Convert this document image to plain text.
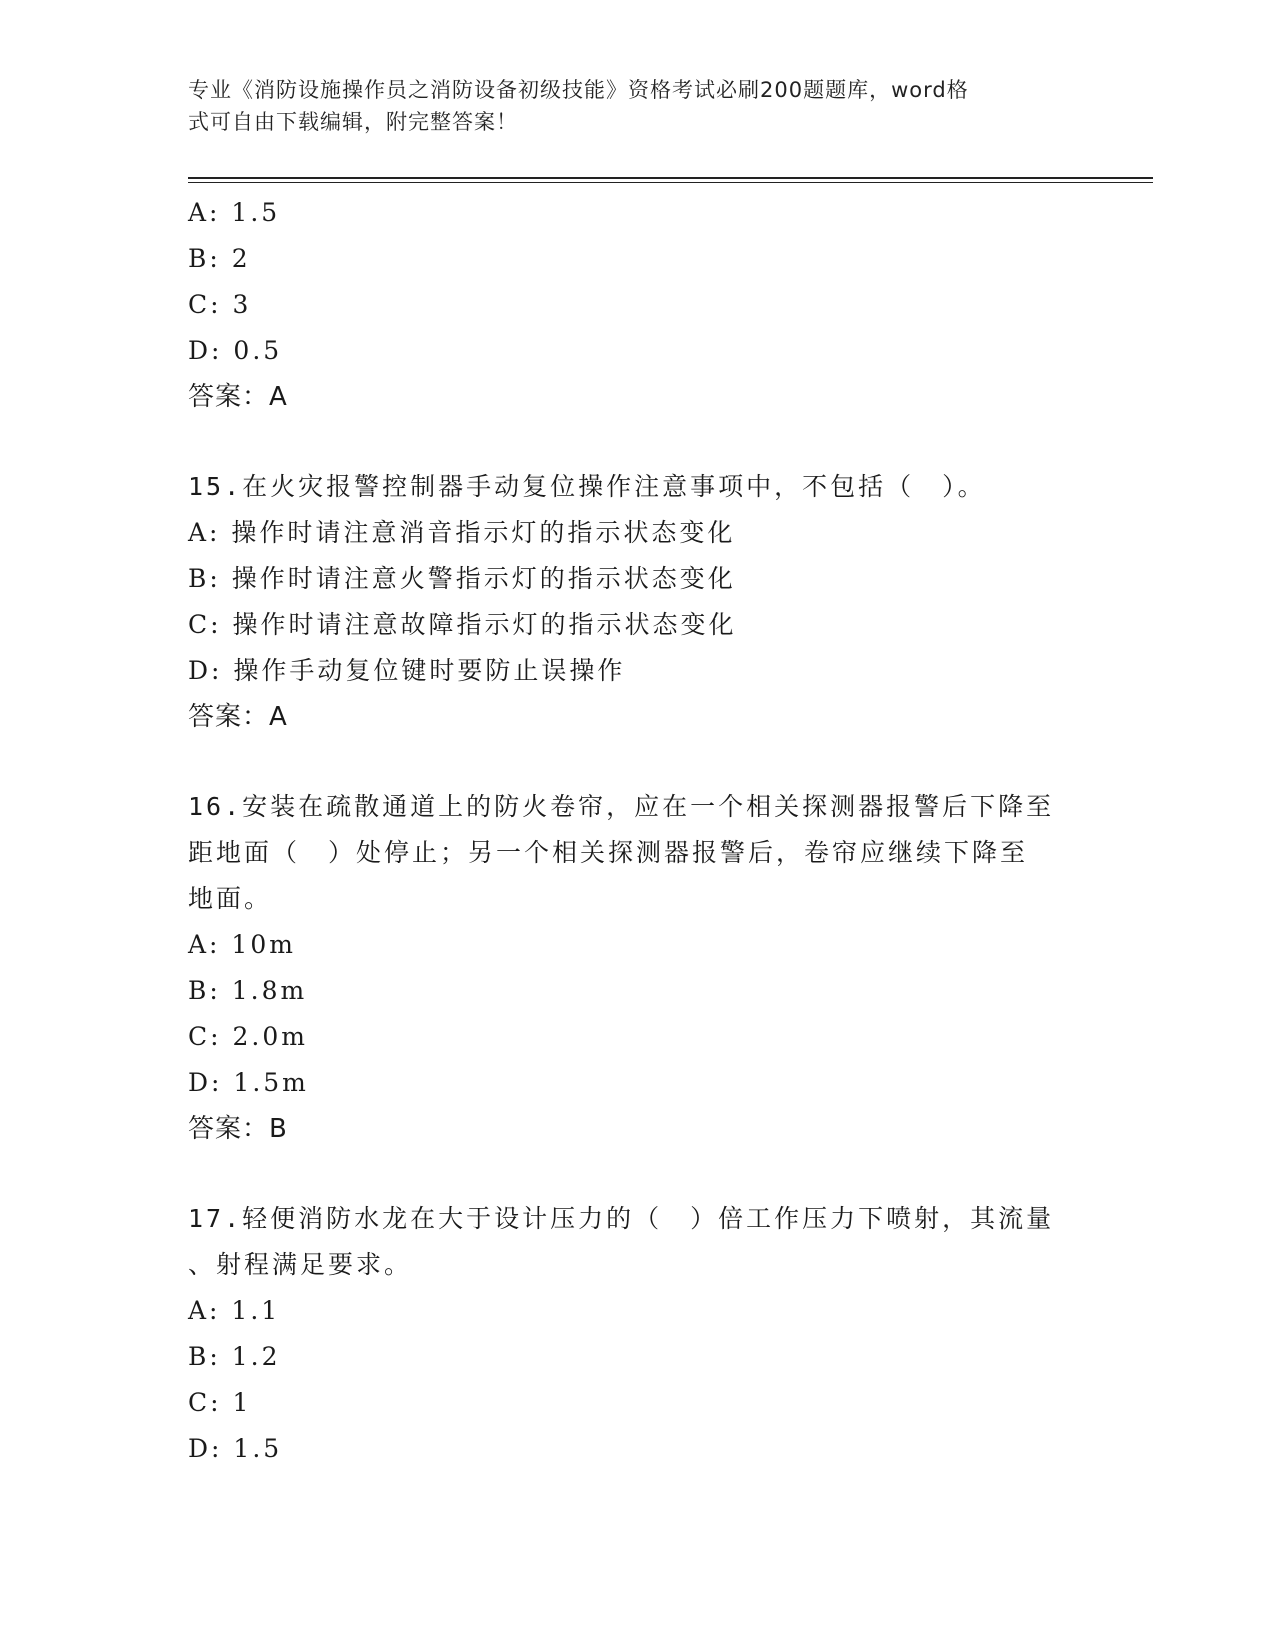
专业《消防设施操作员之消防设备初级技能》资格考试必刷200题题库，word格
式可自由下载编辑，附完整答案！
A: 1.5
B: 2
C: 3
D: 0.5
答案：A
15.在火灾报警控制器手动复位操作注意事项中，不包括（　）。
A: 操作时请注意消音指示灯的指示状态变化
B: 操作时请注意火警指示灯的指示状态变化
C: 操作时请注意故障指示灯的指示状态变化
D: 操作手动复位键时要防止误操作
答案：A
16.安装在疏散通道上的防火卷帘，应在一个相关探测器报警后下降至
距地面（　）处停止；另一个相关探测器报警后，卷帘应继续下降至
地面。
A: 10m
B: 1.8m
C: 2.0m
D: 1.5m
答案：B
17.轻便消防水龙在大于设计压力的（　）倍工作压力下喷射，其流量
、射程满足要求。
A: 1.1
B: 1.2
C: 1
D: 1.5
